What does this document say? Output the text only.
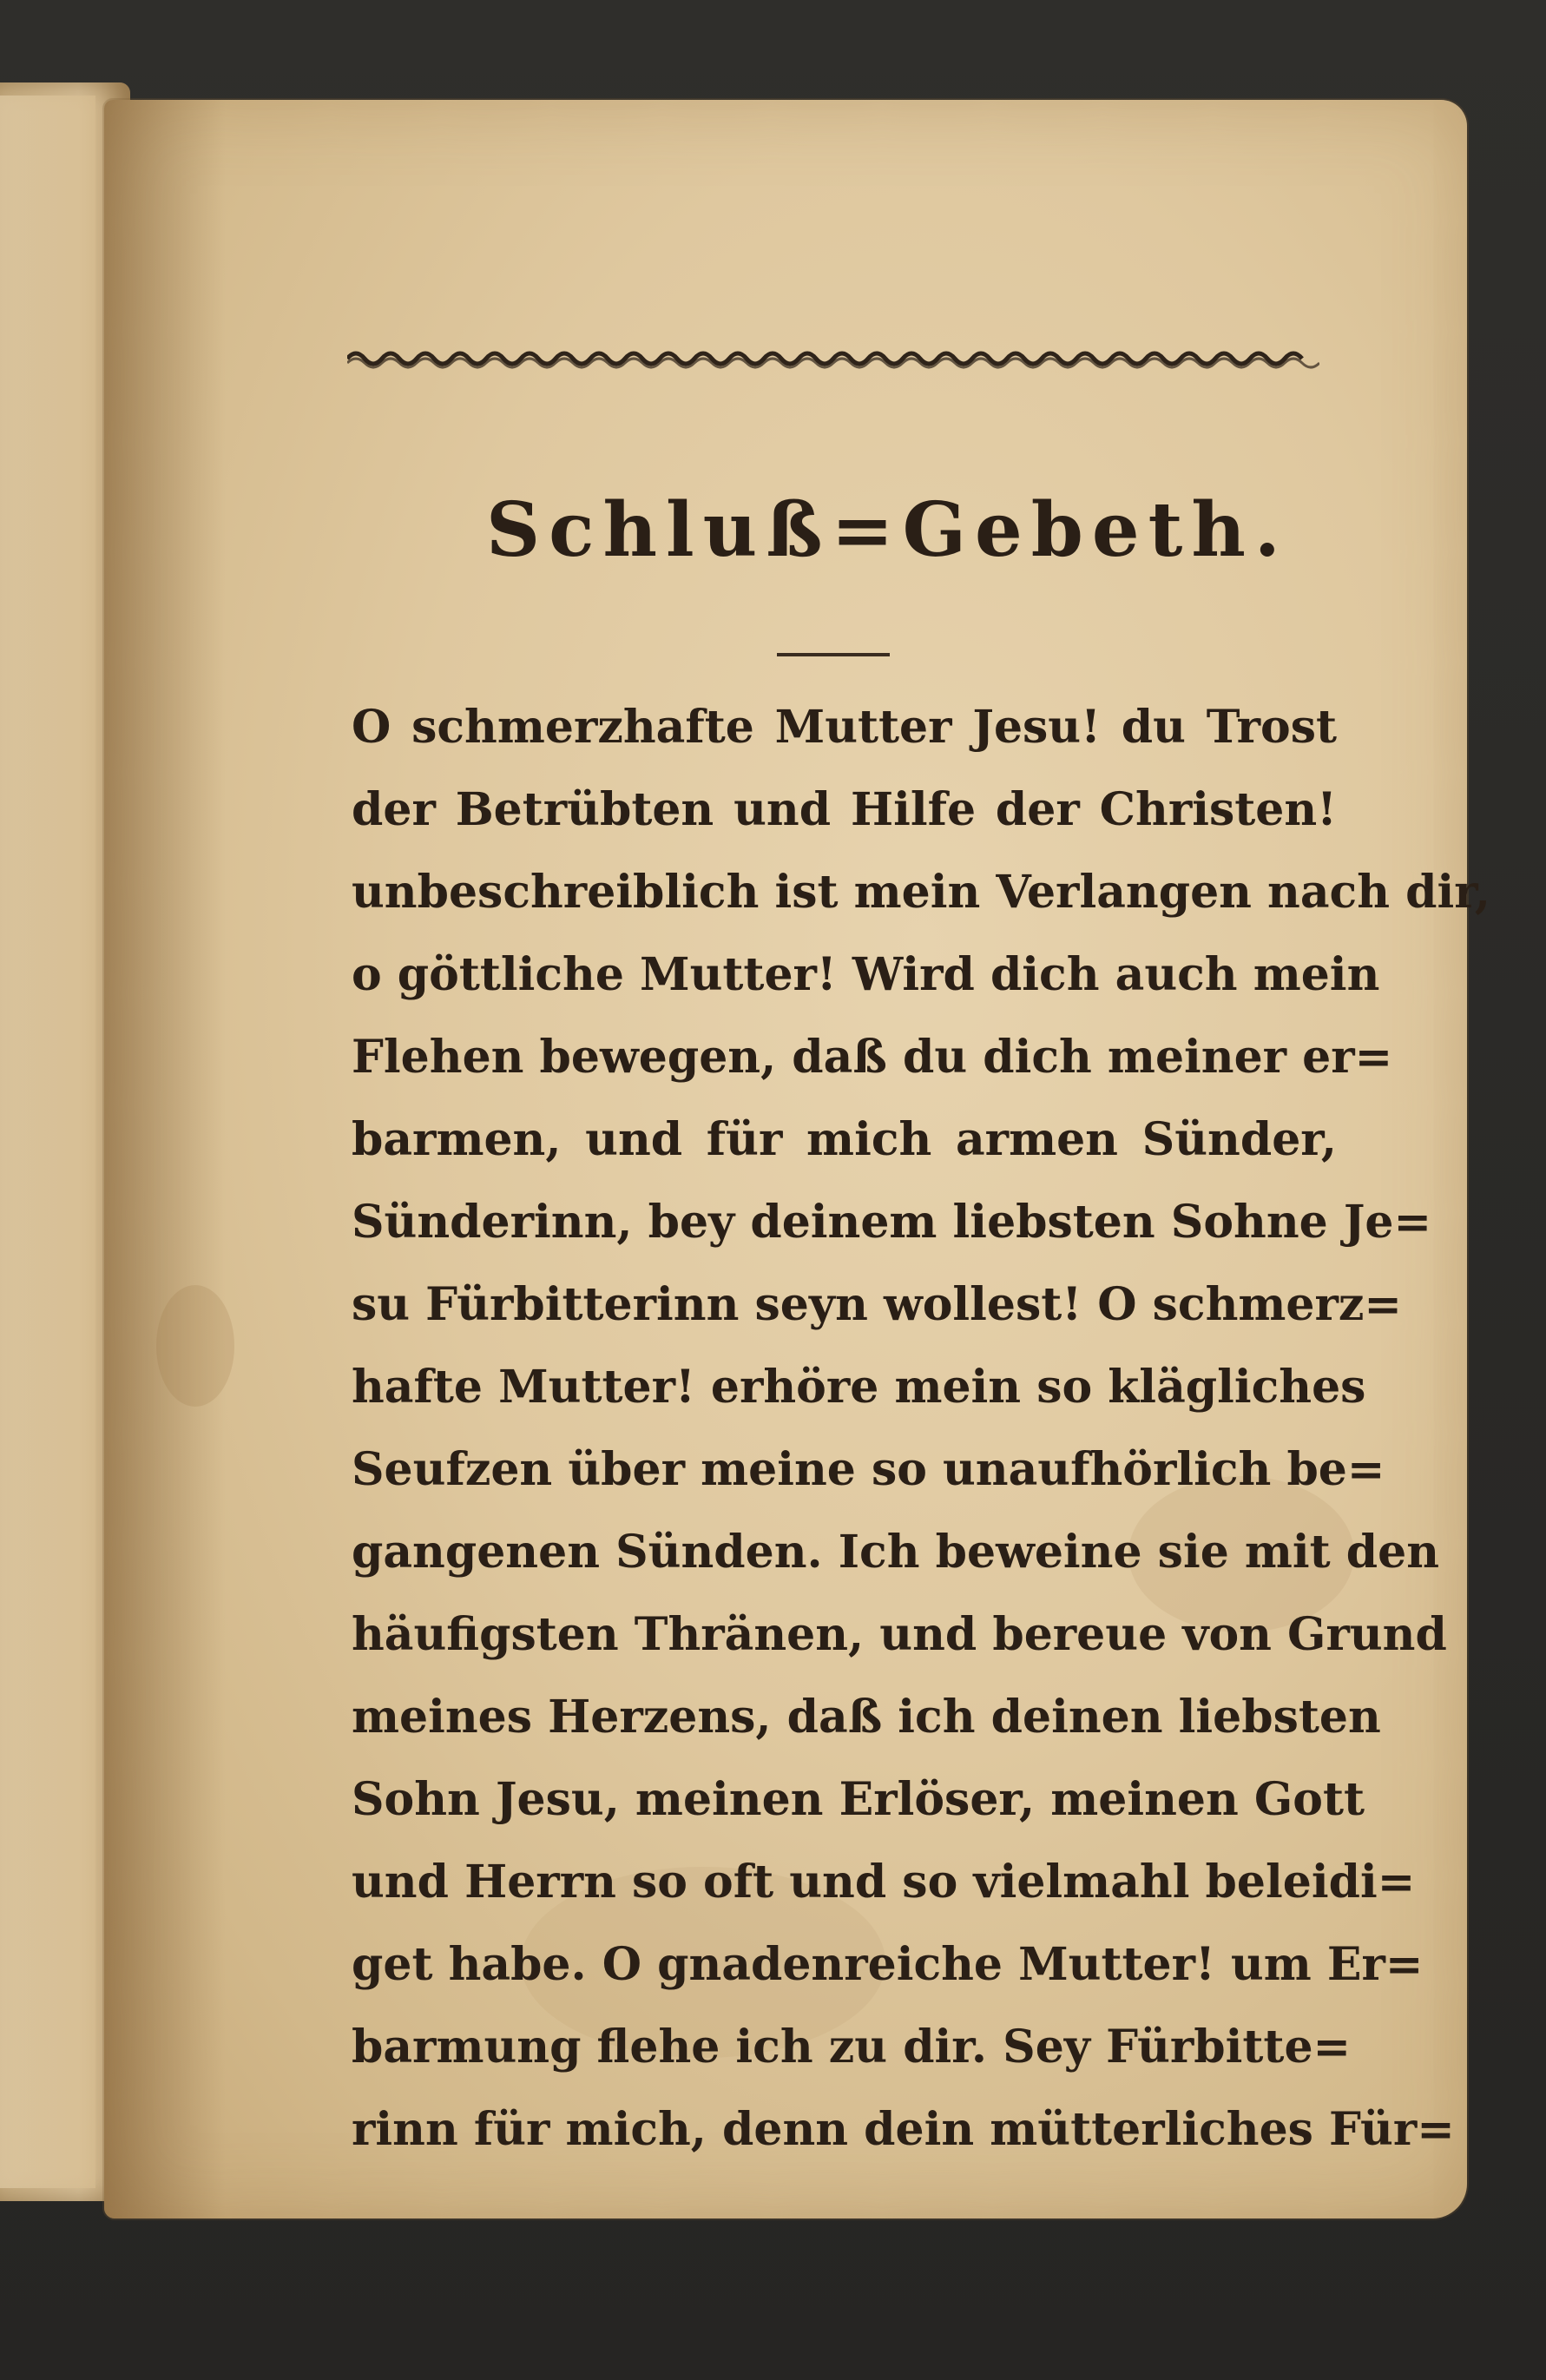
Schluß=Gebeth.
O schmerzhafte Mutter Jesu! du Trost
der Betrübten und Hilfe der Christen!
unbeschreiblich ist mein Verlangen nach dir,
o göttliche Mutter! Wird dich auch mein
Flehen bewegen, daß du dich meiner er=
barmen, und für mich armen Sünder,
Sünderinn, bey deinem liebsten Sohne Je=
su Fürbitterinn seyn wollest! O schmerz=
hafte Mutter! erhöre mein so klägliches
Seufzen über meine so unaufhörlich be=
gangenen Sünden. Ich beweine sie mit den
häufigsten Thränen, und bereue von Grund
meines Herzens, daß ich deinen liebsten
Sohn Jesu, meinen Erlöser, meinen Gott
und Herrn so oft und so vielmahl beleidi=
get habe. O gnadenreiche Mutter! um Er=
barmung flehe ich zu dir. Sey Fürbitte=
rinn für mich, denn dein mütterliches Für=
